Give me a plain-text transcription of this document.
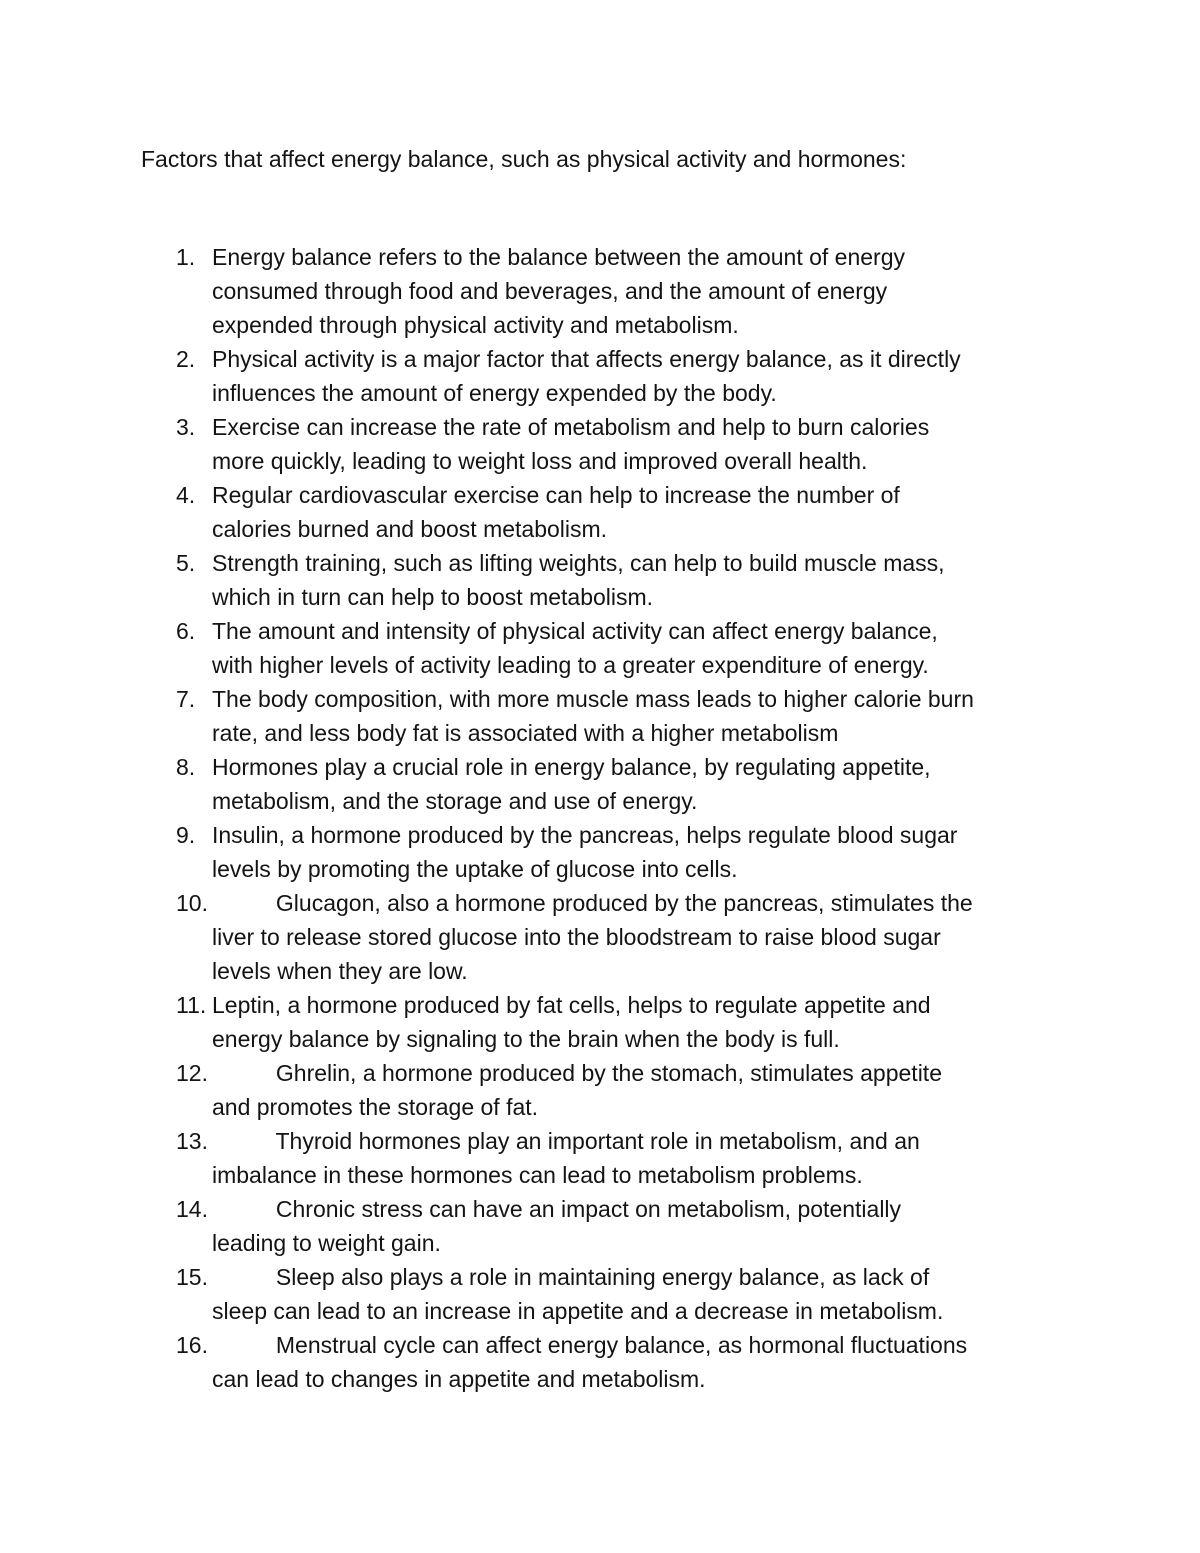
Factors that affect energy balance, such as physical activity and hormones:
1. Energy balance refers to the balance between the amount of energy
consumed through food and beverages, and the amount of energy
expended through physical activity and metabolism.
2. Physical activity is a major factor that affects energy balance, as it directly
influences the amount of energy expended by the body.
3. Exercise can increase the rate of metabolism and help to burn calories
more quickly, leading to weight loss and improved overall health.
4. Regular cardiovascular exercise can help to increase the number of
calories burned and boost metabolism.
5. Strength training, such as lifting weights, can help to build muscle mass,
which in turn can help to boost metabolism.
6. The amount and intensity of physical activity can affect energy balance,
with higher levels of activity leading to a greater expenditure of energy.
7. The body composition, with more muscle mass leads to higher calorie burn
rate, and less body fat is associated with a higher metabolism
8. Hormones play a crucial role in energy balance, by regulating appetite,
metabolism, and the storage and use of energy.
9. Insulin, a hormone produced by the pancreas, helps regulate blood sugar
levels by promoting the uptake of glucose into cells.
10. Glucagon, also a hormone produced by the pancreas, stimulates the
liver to release stored glucose into the bloodstream to raise blood sugar
levels when they are low.
11. Leptin, a hormone produced by fat cells, helps to regulate appetite and
energy balance by signaling to the brain when the body is full.
12. Ghrelin, a hormone produced by the stomach, stimulates appetite
and promotes the storage of fat.
13. Thyroid hormones play an important role in metabolism, and an
imbalance in these hormones can lead to metabolism problems.
14. Chronic stress can have an impact on metabolism, potentially
leading to weight gain.
15. Sleep also plays a role in maintaining energy balance, as lack of
sleep can lead to an increase in appetite and a decrease in metabolism.
16. Menstrual cycle can affect energy balance, as hormonal fluctuations
can lead to changes in appetite and metabolism.
